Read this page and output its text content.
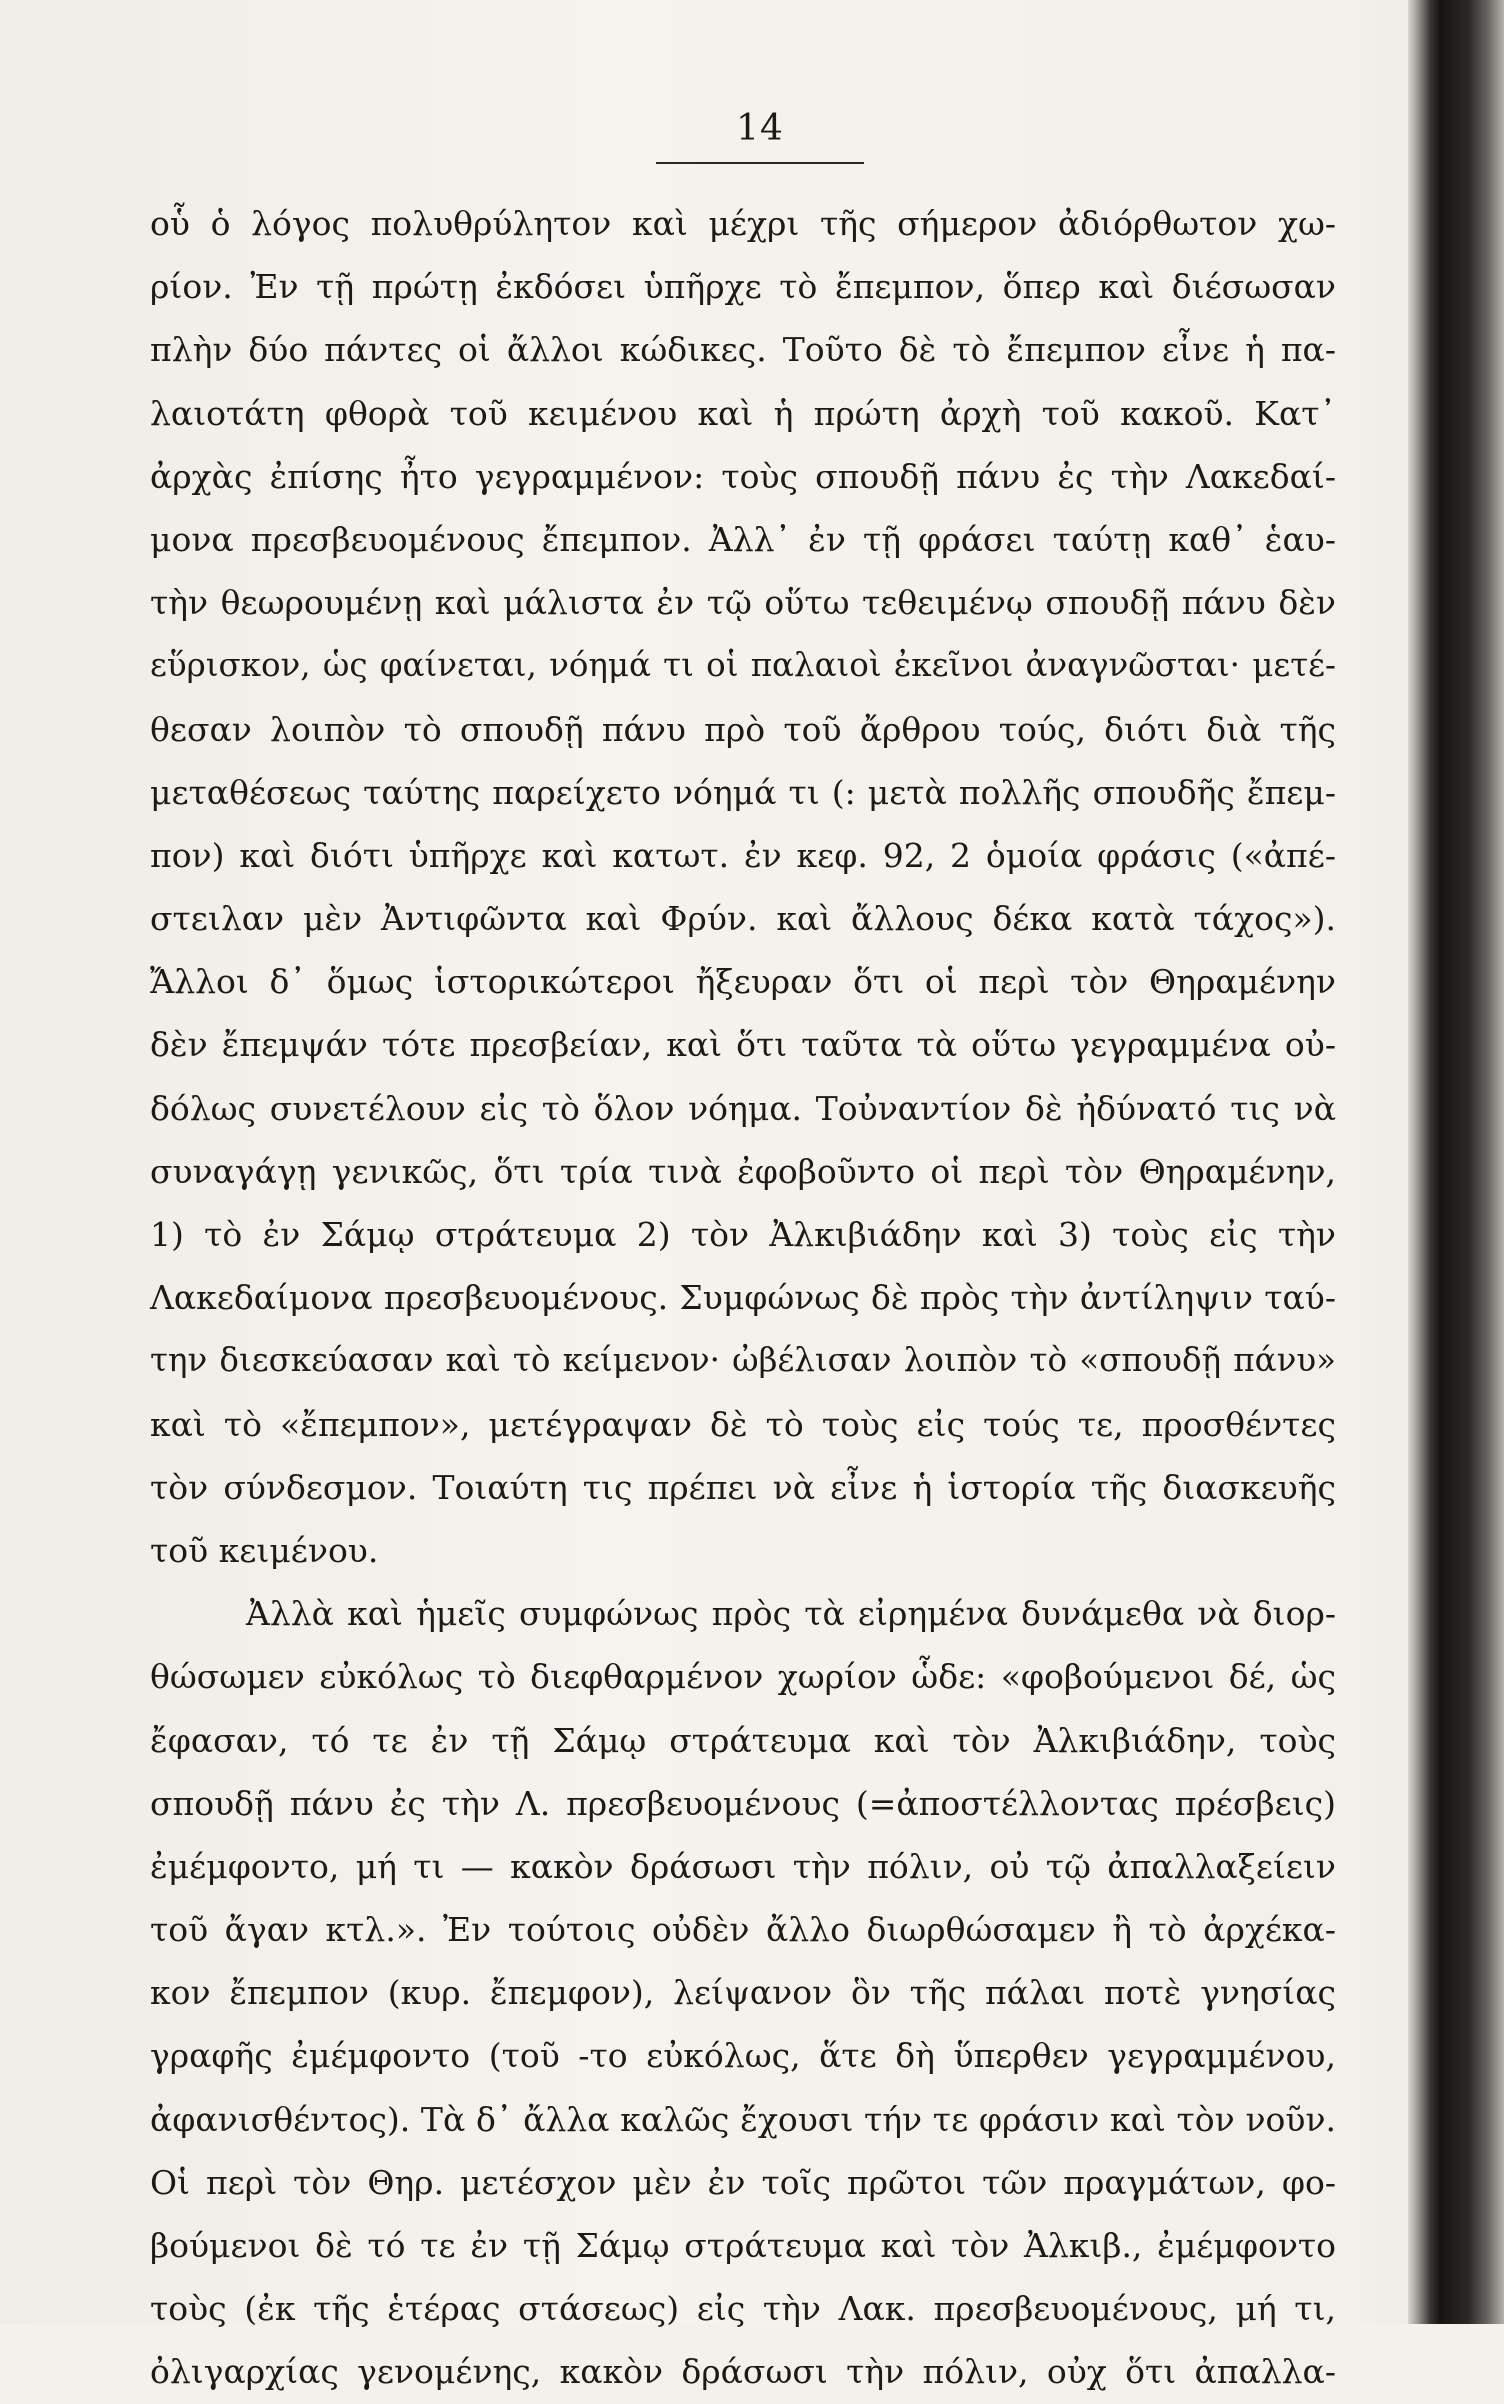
14
οὗ ὁ λόγος πολυθρύλητον καὶ μέχρι τῆς σήμερον ἀδιόρθωτον χω-
ρίον. Ἐν τῇ πρώτῃ ἐκδόσει ὑπῆρχε τὸ ἔπεμπον, ὅπερ καὶ διέσωσαν
πλὴν δύο πάντες οἱ ἄλλοι κώδικες. Τοῦτο δὲ τὸ ἔπεμπον εἶνε ἡ πα-
λαιοτάτη φθορὰ τοῦ κειμένου καὶ ἡ πρώτη ἀρχὴ τοῦ κακοῦ. Κατ᾿
ἀρχὰς ἐπίσης ἦτο γεγραμμένον: τοὺς σπουδῇ πάνυ ἐς τὴν Λακεδαί-
μονα πρεσβευομένους ἔπεμπον. Ἀλλ᾿ ἐν τῇ φράσει ταύτῃ καθ᾿ ἑαυ-
τὴν θεωρουμένῃ καὶ μάλιστα ἐν τῷ οὕτω τεθειμένῳ σπουδῇ πάνυ δὲν
εὕρισκον, ὡς φαίνεται, νόημά τι οἱ παλαιοὶ ἐκεῖνοι ἀναγνῶσται· μετέ-
θεσαν λοιπὸν τὸ σπουδῇ πάνυ πρὸ τοῦ ἄρθρου τούς, διότι διὰ τῆς
μεταθέσεως ταύτης παρείχετο νόημά τι (: μετὰ πολλῆς σπουδῆς ἔπεμ-
πον) καὶ διότι ὑπῆρχε καὶ κατωτ. ἐν κεφ. 92, 2 ὁμοία φράσις («ἀπέ-
στειλαν μὲν Ἀντιφῶντα καὶ Φρύν. καὶ ἄλλους δέκα κατὰ τάχος»).
Ἄλλοι δ᾿ ὅμως ἱστορικώτεροι ἤξευραν ὅτι οἱ περὶ τὸν Θηραμένην
δὲν ἔπεμψάν τότε πρεσβείαν, καὶ ὅτι ταῦτα τὰ οὕτω γεγραμμένα οὐ-
δόλως συνετέλουν εἰς τὸ ὅλον νόημα. Τοὐναντίον δὲ ἠδύνατό τις νὰ
συναγάγῃ γενικῶς, ὅτι τρία τινὰ ἐφοβοῦντο οἱ περὶ τὸν Θηραμένην,
1) τὸ ἐν Σάμῳ στράτευμα 2) τὸν Ἀλκιβιάδην καὶ 3) τοὺς εἰς τὴν
Λακεδαίμονα πρεσβευομένους. Συμφώνως δὲ πρὸς τὴν ἀντίληψιν ταύ-
την διεσκεύασαν καὶ τὸ κείμενον· ὠβέλισαν λοιπὸν τὸ «σπουδῇ πάνυ»
καὶ τὸ «ἔπεμπον», μετέγραψαν δὲ τὸ τοὺς εἰς τούς τε, προσθέντες
τὸν σύνδεσμον. Τοιαύτη τις πρέπει νὰ εἶνε ἡ ἱστορία τῆς διασκευῆς
τοῦ κειμένου.
Ἀλλὰ καὶ ἡμεῖς συμφώνως πρὸς τὰ εἰρημένα δυνάμεθα νὰ διορ-
θώσωμεν εὐκόλως τὸ διεφθαρμένον χωρίον ὧδε: «φοβούμενοι δέ, ὡς
ἔφασαν, τό τε ἐν τῇ Σάμῳ στράτευμα καὶ τὸν Ἀλκιβιάδην, τοὺς
σπουδῇ πάνυ ἐς τὴν Λ. πρεσβευομένους (=ἀποστέλλοντας πρέσβεις)
ἐμέμφοντο, μή τι — κακὸν δράσωσι τὴν πόλιν, οὐ τῷ ἀπαλλαξείειν
τοῦ ἄγαν κτλ.». Ἐν τούτοις οὐδὲν ἄλλο διωρθώσαμεν ἢ τὸ ἀρχέκα-
κον ἔπεμπον (κυρ. ἔπεμφον), λείψανον ὃν τῆς πάλαι ποτὲ γνησίας
γραφῆς ἐμέμφοντο (τοῦ -το εὐκόλως, ἅτε δὴ ὕπερθεν γεγραμμένου,
ἀφανισθέντος). Τὰ δ᾿ ἄλλα καλῶς ἔχουσι τήν τε φράσιν καὶ τὸν νοῦν.
Οἱ περὶ τὸν Θηρ. μετέσχον μὲν ἐν τοῖς πρῶτοι τῶν πραγμάτων, φο-
βούμενοι δὲ τό τε ἐν τῇ Σάμῳ στράτευμα καὶ τὸν Ἀλκιβ., ἐμέμφοντο
τοὺς (ἐκ τῆς ἑτέρας στάσεως) εἰς τὴν Λακ. πρεσβευομένους, μή τι,
ὀλιγαρχίας γενομένης, κακὸν δράσωσι τὴν πόλιν, οὐχ ὅτι ἀπαλλα-
